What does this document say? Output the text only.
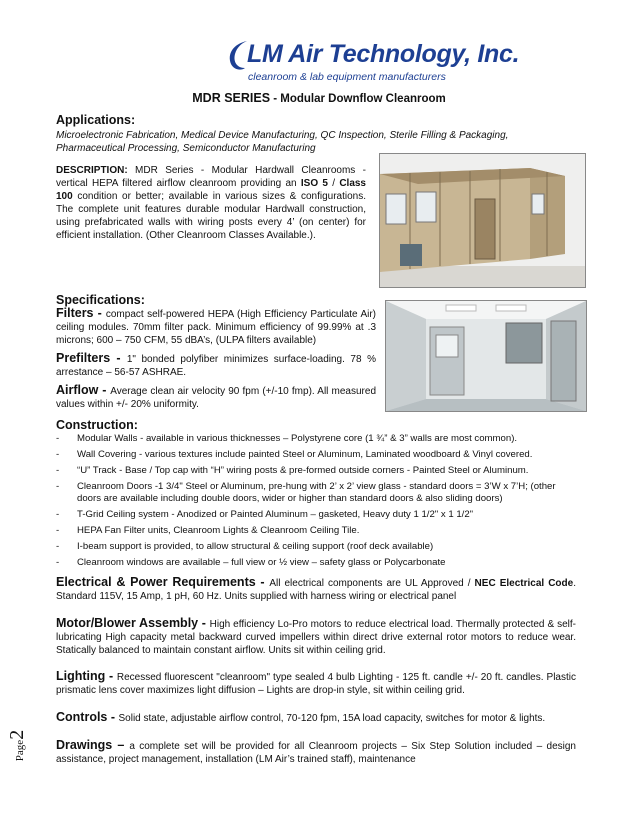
LM Air Technology, Inc.
cleanroom & lab equipment manufacturers
MDR SERIES - Modular Downflow Cleanroom
Applications:
Microelectronic Fabrication, Medical Device Manufacturing, QC Inspection, Sterile Filling & Packaging, Pharmaceutical Processing, Semiconductor Manufacturing
DESCRIPTION: MDR Series - Modular Hardwall Cleanrooms - vertical HEPA filtered airflow cleanroom providing an ISO 5 / Class 100 condition or better; available in various sizes & configurations. The complete unit features durable modular Hardwall construction, using prefabricated walls with wiring posts every 4’ (on center) for efficient installation. (Other Cleanroom Classes Available.).
Specifications:
Filters - compact self-powered HEPA (High Efficiency Particulate Air) ceiling modules. 70mm filter pack. Minimum efficiency of 99.99% at .3 microns; 600 – 750 CFM, 55 dBA’s, (ULPA filters available)
Prefilters - 1" bonded polyfiber minimizes surface-loading. 78 % arrestance – 56-57 ASHRAE.
Airflow - Average clean air velocity 90 fpm (+/-10 fmp). All measured values within +/- 20% uniformity.
Construction:
- Modular Walls - available in various thicknesses – Polystyrene core (1 ¾” & 3” walls are most common).
- Wall Covering - various textures include painted Steel or Aluminum, Laminated woodboard & Vinyl covered.
- “U” Track - Base / Top cap with “H” wiring posts & pre-formed outside corners - Painted Steel or Aluminum.
- Cleanroom Doors -1 3/4" Steel or Aluminum, pre-hung with 2’ x 2’ view glass - standard doors = 3’W x 7’H; (other doors are available including double doors, wider or higher than standard doors & also sliding doors)
- T-Grid Ceiling system - Anodized or Painted Aluminum – gasketed, Heavy duty 1 1/2" x 1 1/2"
- HEPA Fan Filter units, Cleanroom Lights & Cleanroom Ceiling Tile.
- I-beam support is provided, to allow structural & ceiling support (roof deck available)
- Cleanroom windows are available – full view or ½ view – safety glass or Polycarbonate
Electrical & Power Requirements - All electrical components are UL Approved / NEC Electrical Code. Standard 115V, 15 Amp, 1 pH, 60 Hz. Units supplied with harness wiring or electrical panel
Motor/Blower Assembly - High efficiency Lo-Pro motors to reduce electrical load. Thermally protected & self-lubricating High capacity metal backward curved impellers within direct drive external rotor motors to reduce wear. Statically balanced to maintain constant airflow. Units sit within ceiling grid.
Lighting - Recessed fluorescent "cleanroom" type sealed 4 bulb Lighting - 125 ft. candle +/- 20 ft. candles. Plastic prismatic lens cover maximizes light diffusion – Lights are drop-in style, sit within ceiling grid.
Controls - Solid state, adjustable airflow control, 70-120 fpm, 15A load capacity, switches for motor & lights.
Drawings – a complete set will be provided for all Cleanroom projects – Six Step Solution included – design assistance, project management, installation (LM Air’s trained staff), maintenance
Page2
